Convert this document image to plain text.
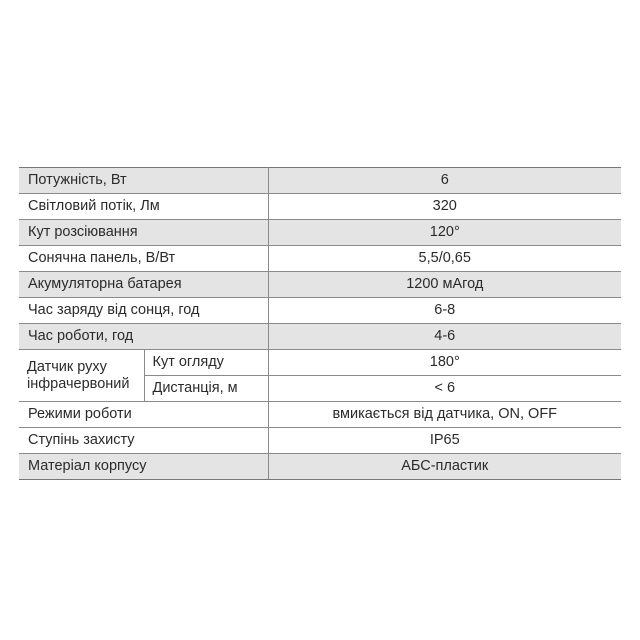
Потужність, Вт		6
Світловий потік, Лм		320
Кут розсіювання		120°
Сонячна панель, В/Вт		5,5/0,65
Акумуляторна батарея		1200 мАгод
Час заряду від сонця, год		6-8
Час роботи, год		4-6
Датчик руху інфрачервоний	Кут огляду	180°
	Дистанція, м	< 6
Режими роботи		вмикається від датчика, ON, OFF
Ступінь захисту		IP65
Матеріал корпусу		АБС-пластик
